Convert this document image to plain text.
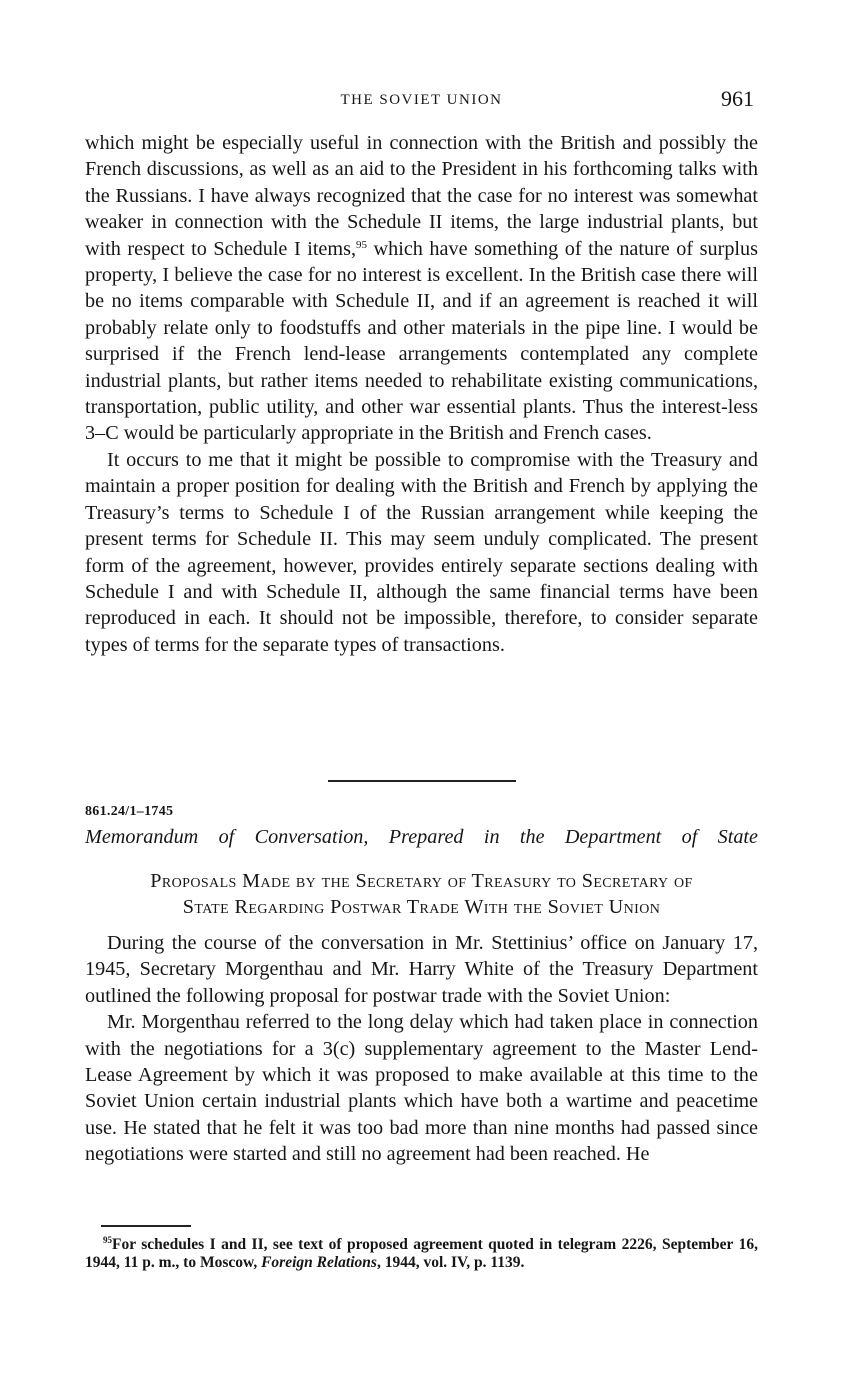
THE SOVIET UNION	961

which might be especially useful in connection with the British and possibly the French discussions, as well as an aid to the President in his forthcoming talks with the Russians. I have always recognized that the case for no interest was somewhat weaker in connection with the Schedule II items, the large industrial plants, but with respect to Schedule I items,$^{95}$ which have something of the nature of surplus property, I believe the case for no interest is excellent. In the British case there will be no items comparable with Schedule II, and if an agreement is reached it will probably relate only to foodstuffs and other materials in the pipe line. I would be surprised if the French lend-lease arrangements contemplated any complete industrial plants, but rather items needed to rehabilitate existing communications, transportation, public utility, and other war essential plants. Thus the interest-less 3–C would be particularly appropriate in the British and French cases.

It occurs to me that it might be possible to compromise with the Treasury and maintain a proper position for dealing with the British and French by applying the Treasury’s terms to Schedule I of the Russian arrangement while keeping the present terms for Schedule II. This may seem unduly complicated. The present form of the agreement, however, provides entirely separate sections dealing with Schedule I and with Schedule II, although the same financial terms have been reproduced in each. It should not be impossible, therefore, to consider separate types of terms for the separate types of transactions.

861.24/1–1745
Memorandum of Conversation, Prepared in the Department of State
Proposals Made by the Secretary of Treasury to Secretary of
State Regarding Postwar Trade With the Soviet Union

During the course of the conversation in Mr. Stettinius’ office on January 17, 1945, Secretary Morgenthau and Mr. Harry White of the Treasury Department outlined the following proposal for postwar trade with the Soviet Union:

Mr. Morgenthau referred to the long delay which had taken place in connection with the negotiations for a 3(c) supplementary agreement to the Master Lend-Lease Agreement by which it was proposed to make available at this time to the Soviet Union certain industrial plants which have both a wartime and peacetime use. He stated that he felt it was too bad more than nine months had passed since negotiations were started and still no agreement had been reached. He

$^{95}$For schedules I and II, see text of proposed agreement quoted in telegram 2226, September 16, 1944, 11 p. m., to Moscow, Foreign Relations, 1944, vol. IV, p. 1139.
